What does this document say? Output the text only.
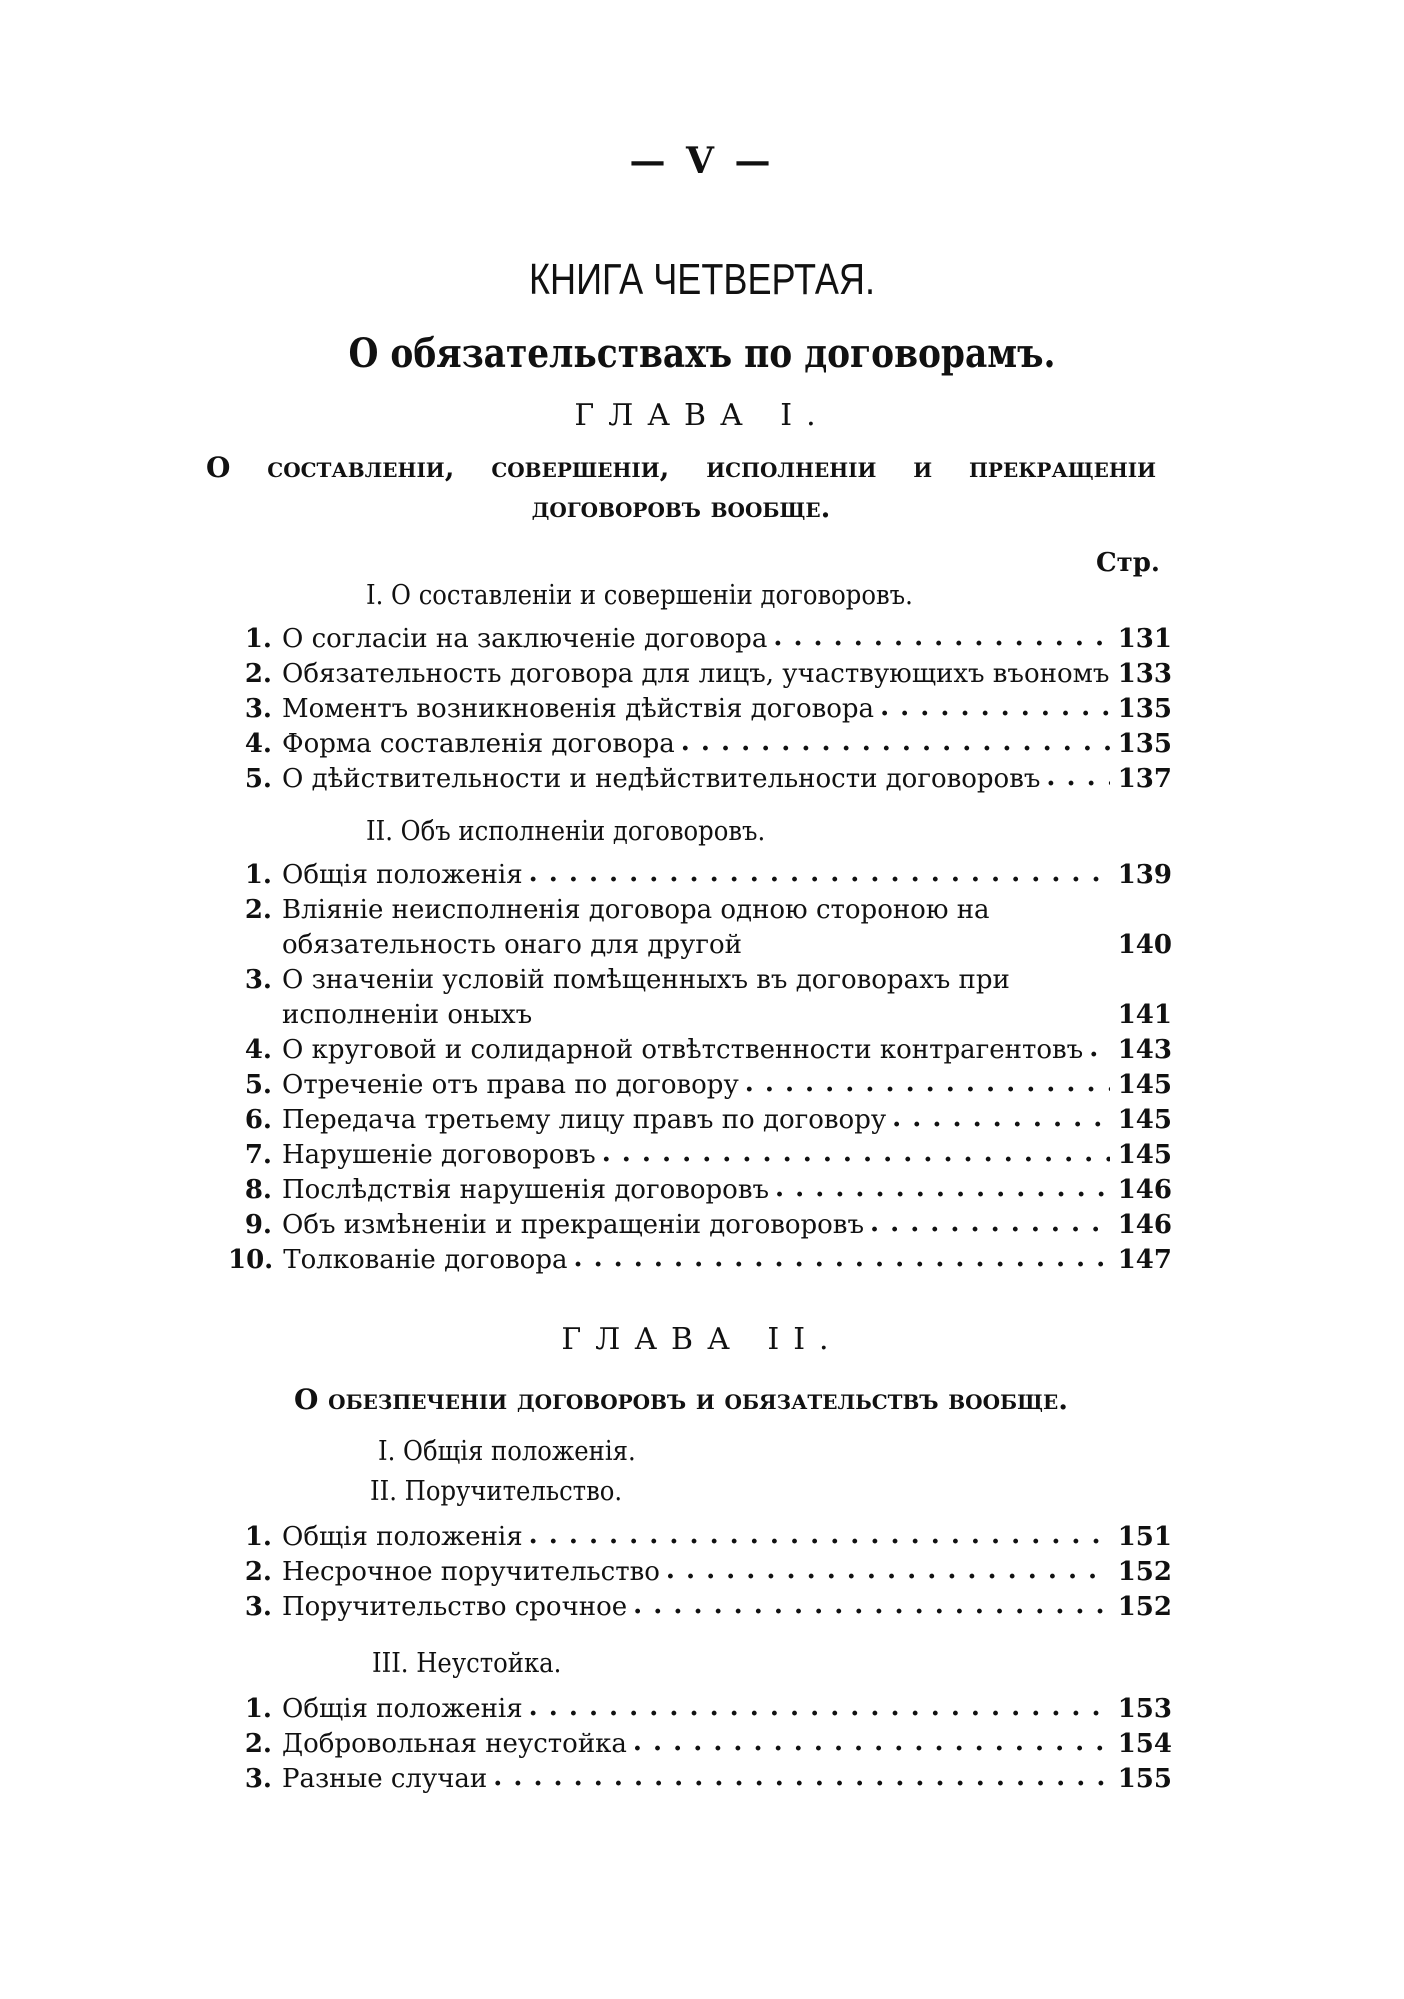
— V —
КНИГА ЧЕТВЕРТАЯ.
О обязательствахъ по договорамъ.
ГЛАВА I.
О составленіи, совершеніи, исполненіи и прекращеніи договоровъ вообще.
Стр.
I. О составленіи и совершеніи договоровъ.
1. О согласіи на заключеніе договора . . .	131
2. Обязательность договора для лицъ, участвующихъ въономъ 133
3. Моментъ возникновенія дѣйствія договора . . .	135
4. Форма составленія договора . . .	135
5. О дѣйствительности и недѣйствительности договоровъ . . .	137
II. Объ исполненіи договоровъ.
1. Общія положенія . . .	139
2. Вліяніе неисполненія договора одною стороною на обязательность онаго для другой	140
3. О значеніи условій помѣщенныхъ въ договорахъ при исполненіи оныхъ	141
4. О круговой и солидарной отвѣтственности контрагентовъ . . . 143
5. Отреченіе отъ права по договору . . .	145
6. Передача третьему лицу правъ по договору . . .	145
7. Нарушеніе договоровъ . . .	145
8. Послѣдствія нарушенія договоровъ . . .	146
9. Объ измѣненіи и прекращеніи договоровъ . . .	146
10. Толкованіе договора . . .	147
ГЛАВА II.
О обезпеченіи договоровъ и обязательствъ вообще.
I. Общія положенія.
II. Поручительство.
1. Общія положенія . . .	151
2. Несрочное поручительство . . .	152
3. Поручительство срочное . . .	152
III. Неустойка.
1. Общія положенія . . .	153
2. Добровольная неустойка . . .	154
3. Разные случаи . . .	155
